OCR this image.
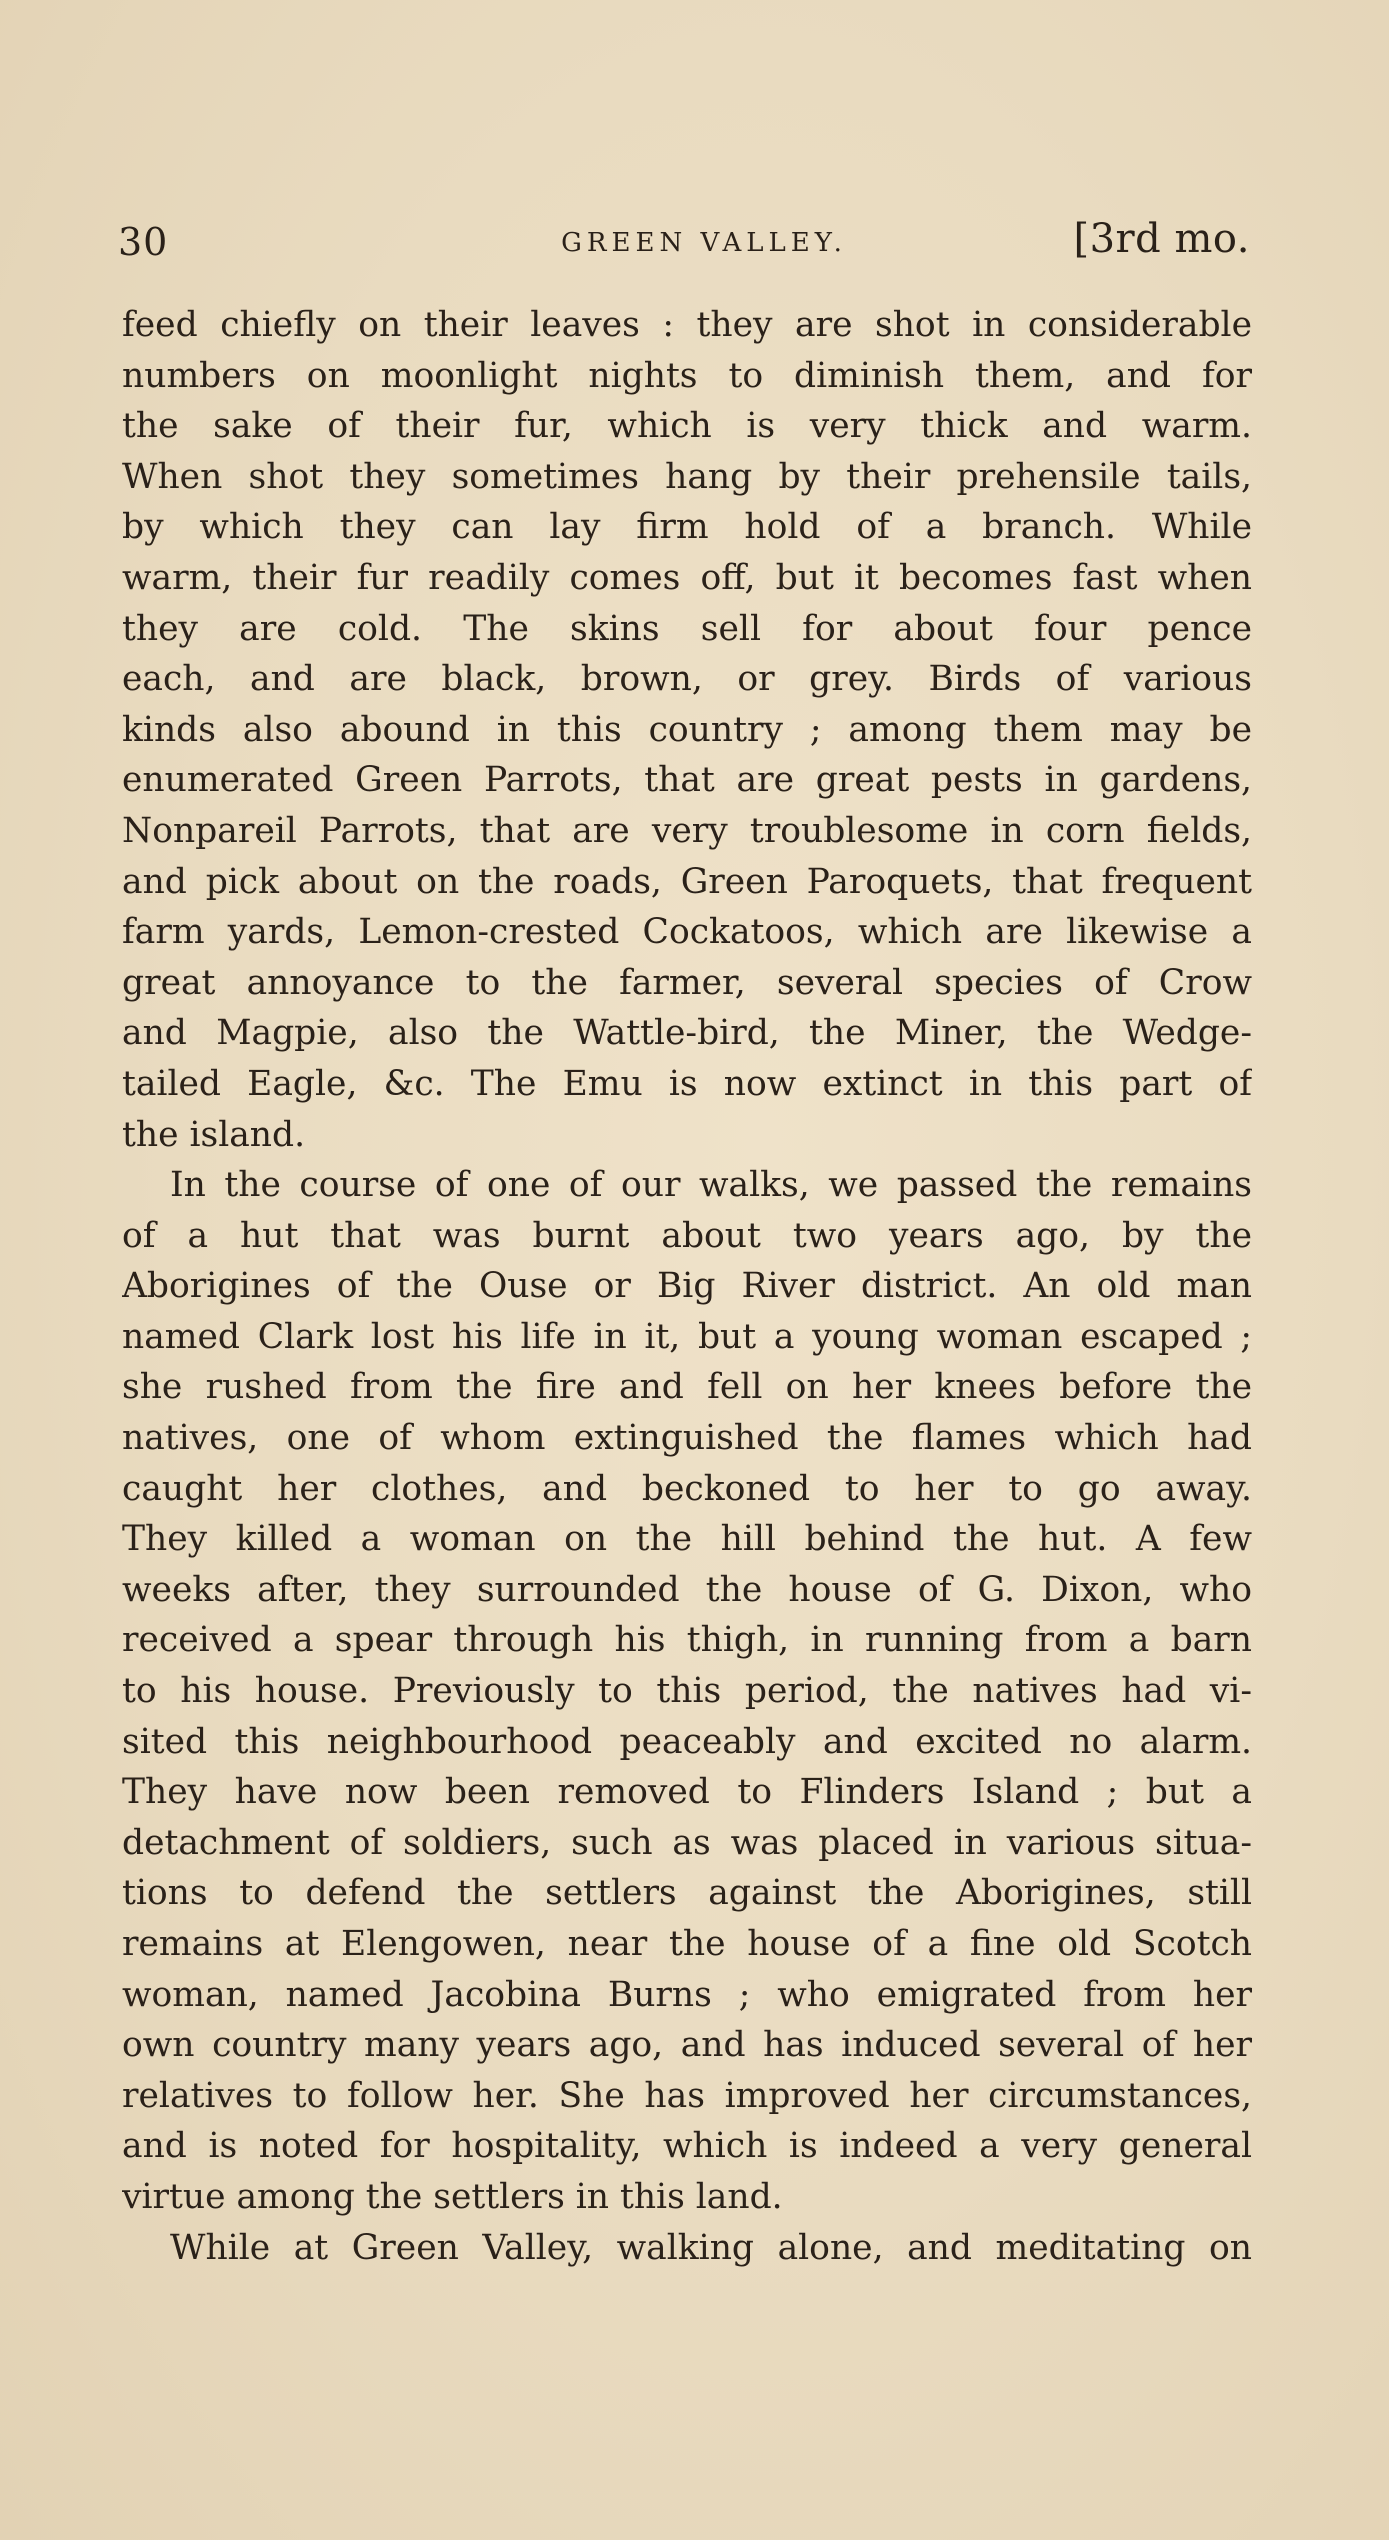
30	GREEN VALLEY.	[3rd mo.
feed chiefly on their leaves : they are shot in considerable
numbers on moonlight nights to diminish them, and for
the sake of their fur, which is very thick and warm.
When shot they sometimes hang by their prehensile tails,
by which they can lay firm hold of a branch. While
warm, their fur readily comes off, but it becomes fast when
they are cold. The skins sell for about four pence
each, and are black, brown, or grey. Birds of various
kinds also abound in this country ; among them may be
enumerated Green Parrots, that are great pests in gardens,
Nonpareil Parrots, that are very troublesome in corn fields,
and pick about on the roads, Green Paroquets, that frequent
farm yards, Lemon-crested Cockatoos, which are likewise a
great annoyance to the farmer, several species of Crow
and Magpie, also the Wattle-bird, the Miner, the Wedge-
tailed Eagle, &c. The Emu is now extinct in this part of
the island.
In the course of one of our walks, we passed the remains
of a hut that was burnt about two years ago, by the
Aborigines of the Ouse or Big River district. An old man
named Clark lost his life in it, but a young woman escaped ;
she rushed from the fire and fell on her knees before the
natives, one of whom extinguished the flames which had
caught her clothes, and beckoned to her to go away.
They killed a woman on the hill behind the hut. A few
weeks after, they surrounded the house of G. Dixon, who
received a spear through his thigh, in running from a barn
to his house. Previously to this period, the natives had vi-
sited this neighbourhood peaceably and excited no alarm.
They have now been removed to Flinders Island ; but a
detachment of soldiers, such as was placed in various situa-
tions to defend the settlers against the Aborigines, still
remains at Elengowen, near the house of a fine old Scotch
woman, named Jacobina Burns ; who emigrated from her
own country many years ago, and has induced several of her
relatives to follow her. She has improved her circumstances,
and is noted for hospitality, which is indeed a very general
virtue among the settlers in this land.
While at Green Valley, walking alone, and meditating on
